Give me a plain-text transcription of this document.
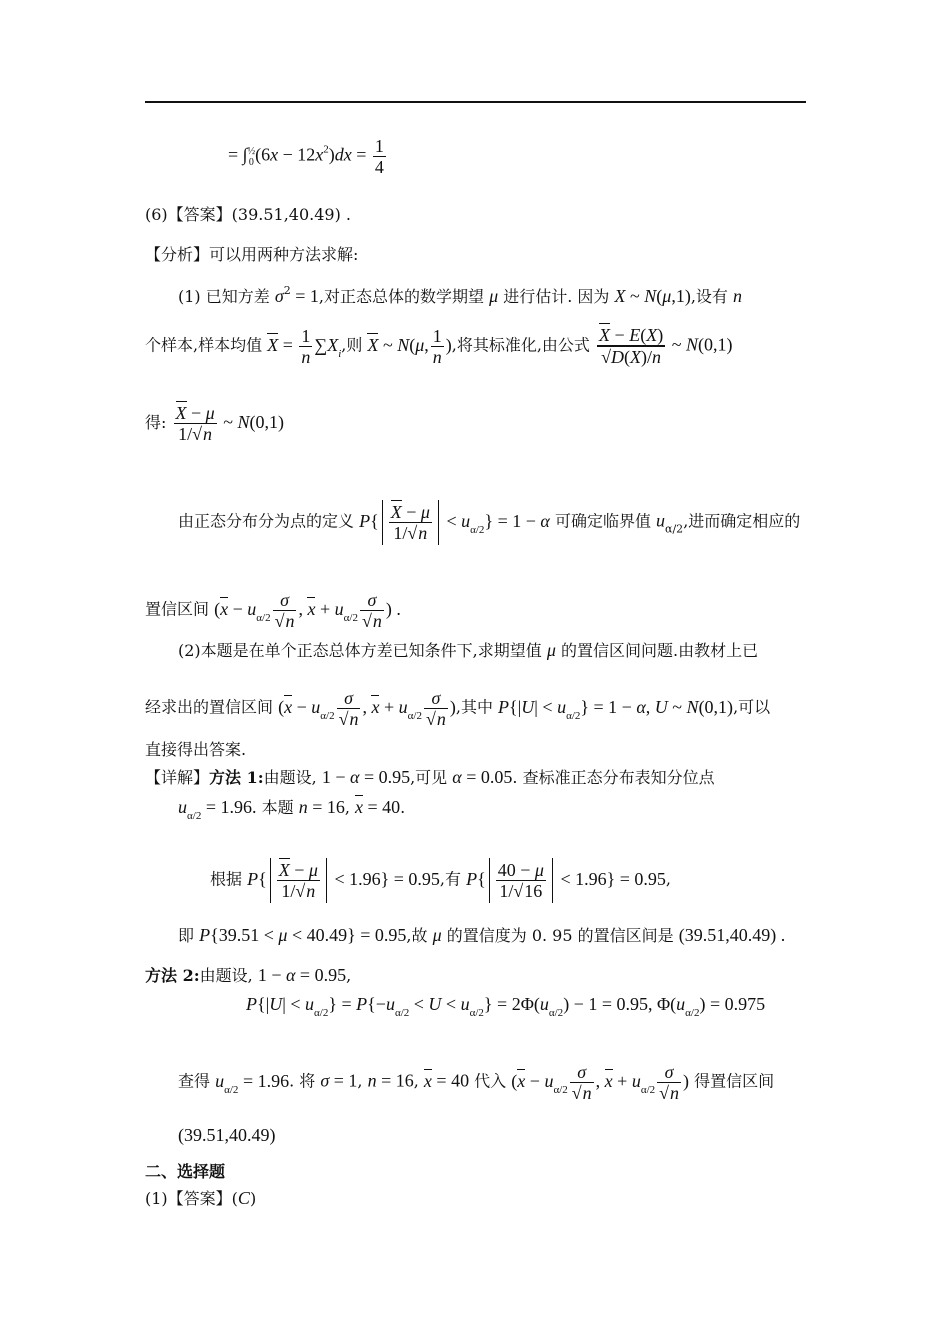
= ∫½
$0(6x - 12x^2)dx = \frac{1}{4}$
(6)【答案】(39.51,40.49) .
【分析】可以用两种方法求解:
(1) 已知方差 $\sigma^2 = 1$,对正态总体的数学期望 μ 进行估计. 因为 X ~ N(μ,1),设有 n
个样本,样本均值 $X = \frac{1}{n} \sum X_i$,则 X ~ N(μ, $\frac{1}{n}$ ),将其标准化,由公式 $\frac{X - E(X)}{√D(X)/n}$ ~ N(0,1)
得: $\frac{X - \mu}{1/√n}$ ~ N(0,1)
由正态分布分为点的定义 $P\{ \frac{X - \mu}{1/√n} < u_{\alpha/2}\} = 1 - \alpha$ 可确定临界值 $u_{\alpha/2}$,进而确定相应的
置信区间 ($x - u_{\alpha/2} \frac{\sigma}{√n}$ , $x + u_{\alpha/2} \frac{\sigma}{√n}$ ) .
(2)本题是在单个正态总体方差已知条件下,求期望值 μ 的置信区间问题.由教材上已
经求出的置信区间 ($x - u_{\alpha/2} \frac{\sigma}{√n}$ , $x + u_{\alpha/2} \frac{\sigma}{√n}$ ),其中 $P\{|U| < u_{\alpha/2}\} = 1 - \alpha$, U ~ N(0,1),可以
直接得出答案.
【详解】方法 1:由题设, 1 − α = 0.95,可见 α = 0.05. 查标准正态分布表知分位点
$u_{\alpha/2} = 1.96$. 本题 n = 16, x = 40.
根据 $P\{ \frac{X - \mu}{1/√n} < 1.96\} = 0.95$,有 $P\{ \frac{40 - \mu}{1/√16} < 1.96\} = 0.95$,
即 P{39.51 < μ < 40.49} = 0.95,故 μ 的置信度为 0. 95 的置信区间是 (39.51,40.49) .
方法 2:由题设, 1 − α = 0.95,
$P\{|U| < u_{\alpha/2}\} = P\{-u_{\alpha/2} < U < u_{\alpha/2}\} = 2\Phi(u_{\alpha/2}) - 1 = 0.95$, $\Phi(u_{\alpha/2}) = 0.975$
查得 $u_{\alpha/2} = 1.96$. 将 σ = 1, n = 16, x = 40 代入 ($x - u_{\alpha/2} \frac{\sigma}{√n}$ , $x + u_{\alpha/2} \frac{\sigma}{√n}$ ) 得置信区间
(39.51,40.49)
二、选择题
(1)【答案】(C)
